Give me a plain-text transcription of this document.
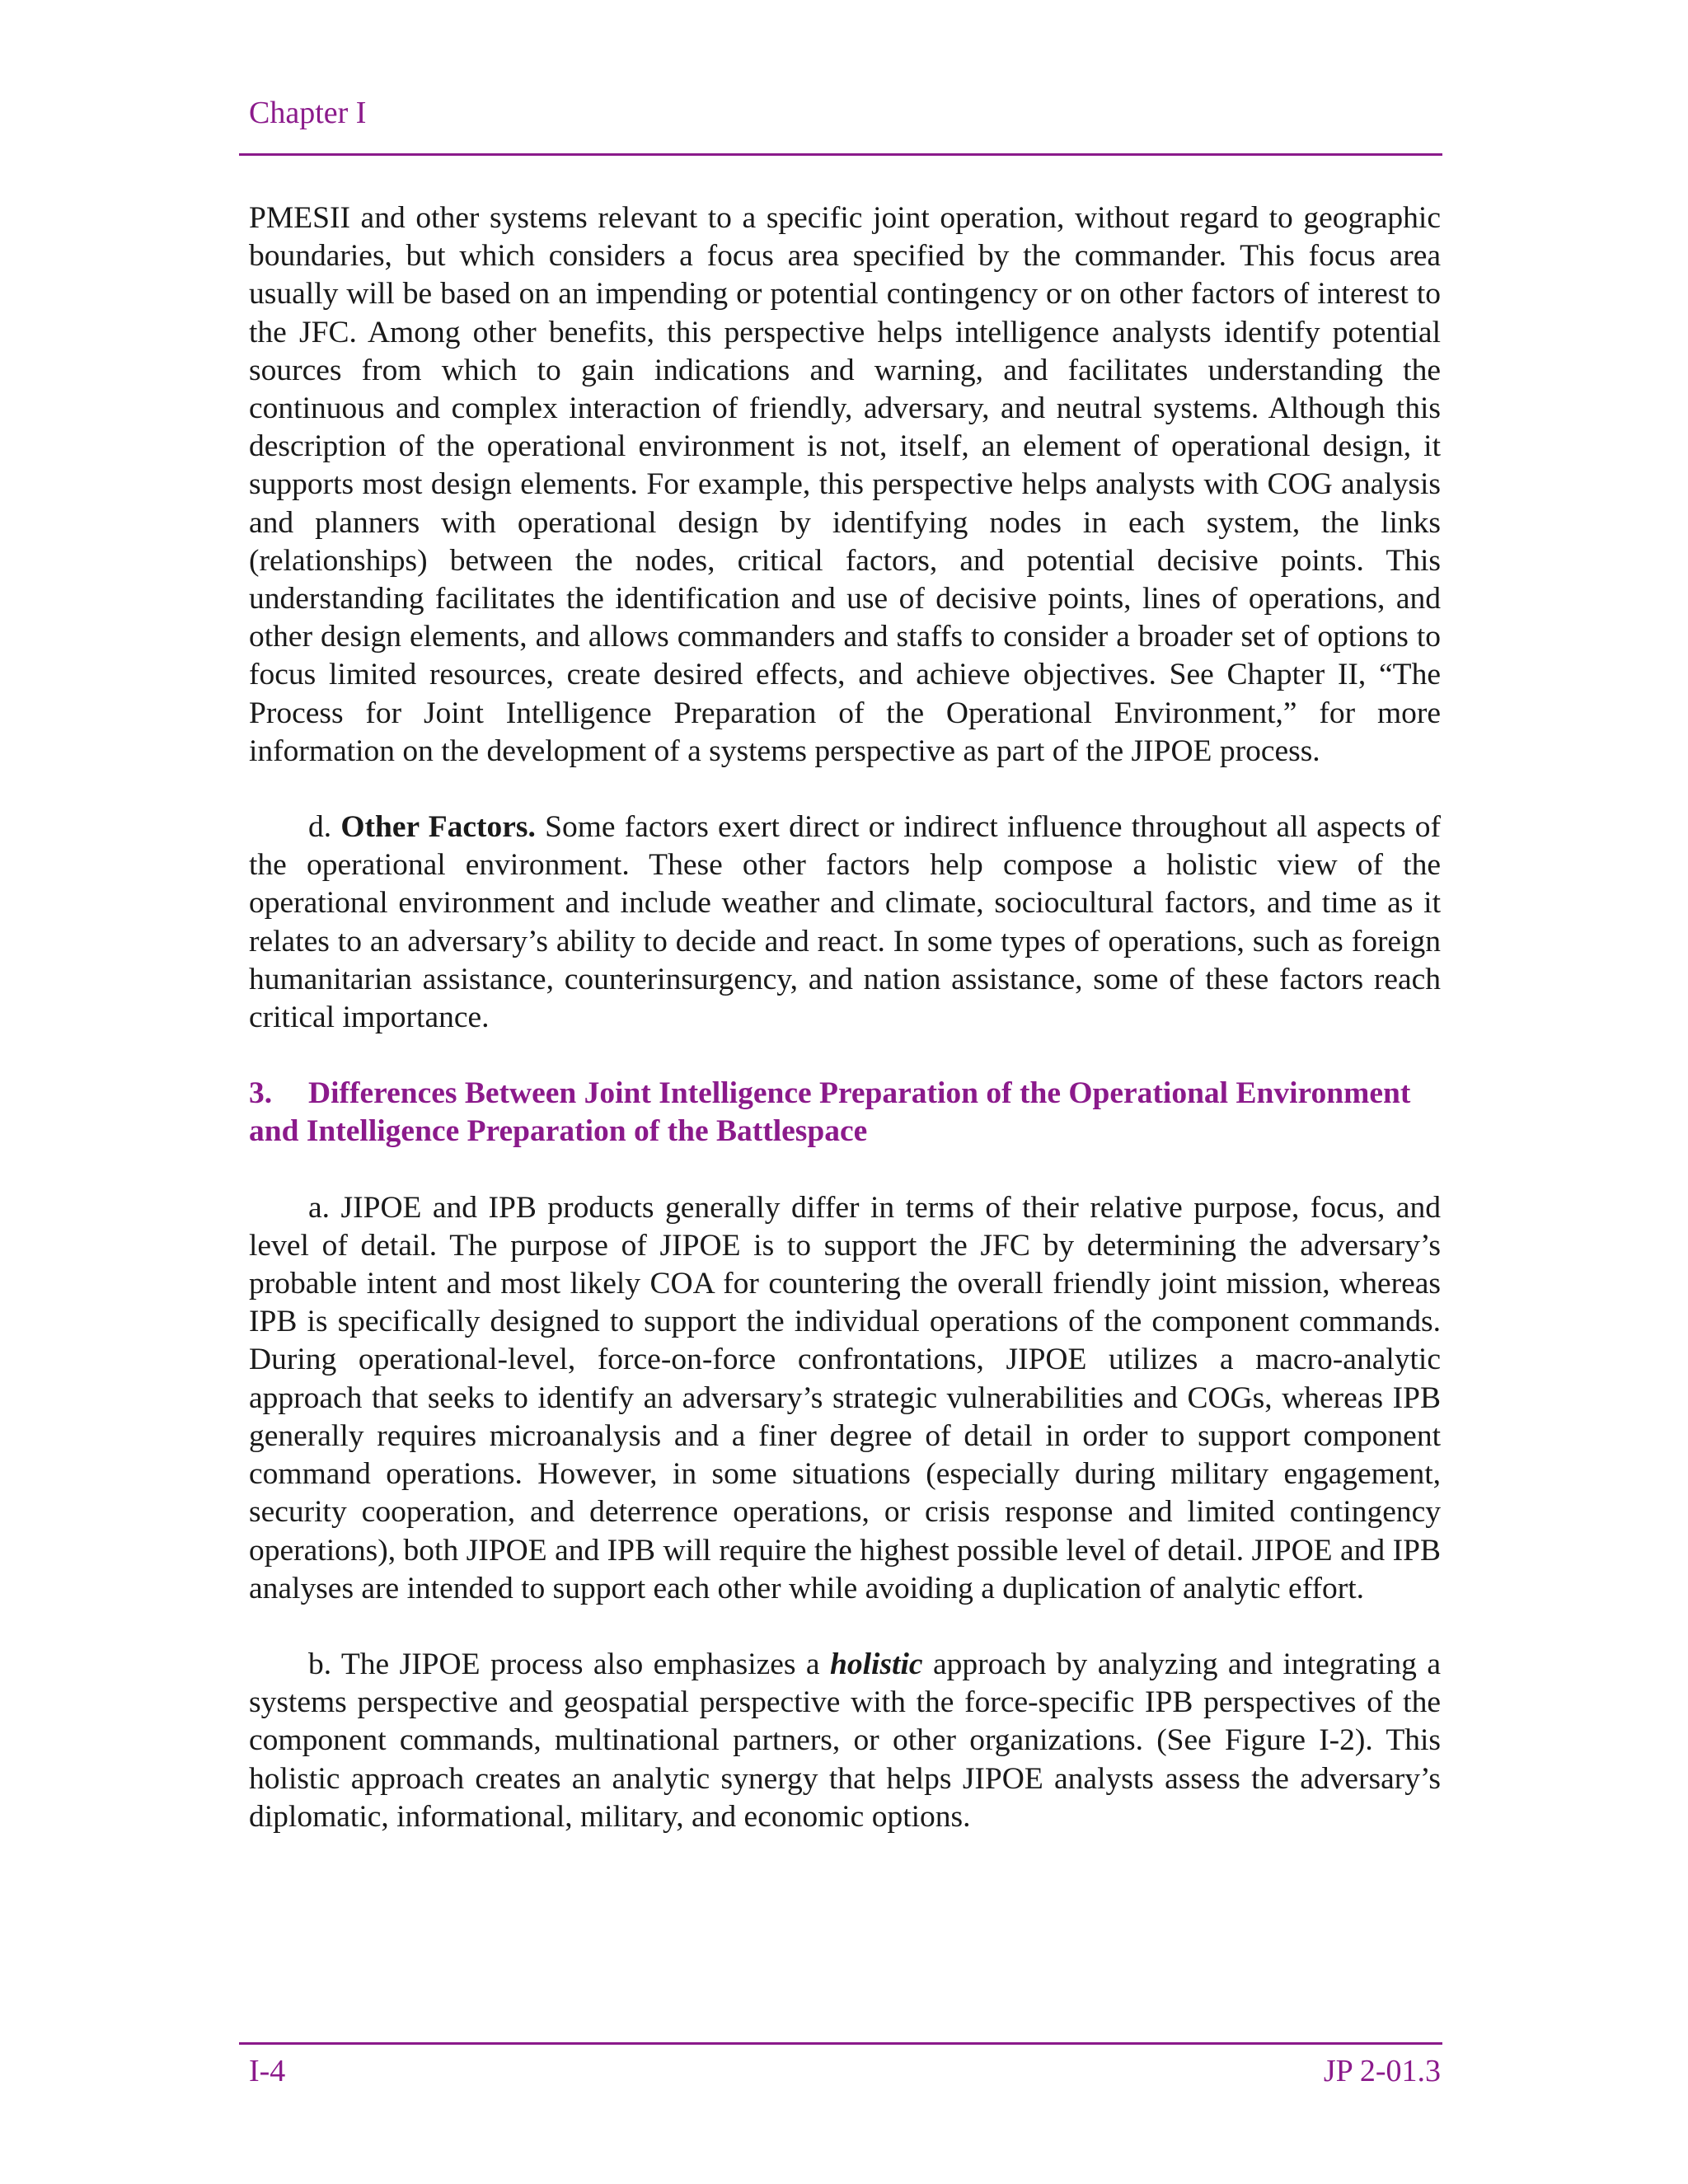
Chapter I

PMESII and other systems relevant to a specific joint operation, without regard to geographic boundaries, but which considers a focus area specified by the commander. This focus area usually will be based on an impending or potential contingency or on other factors of interest to the JFC. Among other benefits, this perspective helps intelligence analysts identify potential sources from which to gain indications and warning, and facilitates understanding the continuous and complex interaction of friendly, adversary, and neutral systems. Although this description of the operational environment is not, itself, an element of operational design, it supports most design elements. For example, this perspective helps analysts with COG analysis and planners with operational design by identifying nodes in each system, the links (relationships) between the nodes, critical factors, and potential decisive points. This understanding facilitates the identification and use of decisive points, lines of operations, and other design elements, and allows commanders and staffs to consider a broader set of options to focus limited resources, create desired effects, and achieve objectives. See Chapter II, “The Process for Joint Intelligence Preparation of the Operational Environment,” for more information on the development of a systems perspective as part of the JIPOE process.

d. Other Factors. Some factors exert direct or indirect influence throughout all aspects of the operational environment. These other factors help compose a holistic view of the operational environment and include weather and climate, sociocultural factors, and time as it relates to an adversary’s ability to decide and react. In some types of operations, such as foreign humanitarian assistance, counterinsurgency, and nation assistance, some of these factors reach critical importance.

3. Differences Between Joint Intelligence Preparation of the Operational Environment and Intelligence Preparation of the Battlespace

a. JIPOE and IPB products generally differ in terms of their relative purpose, focus, and level of detail. The purpose of JIPOE is to support the JFC by determining the adversary’s probable intent and most likely COA for countering the overall friendly joint mission, whereas IPB is specifically designed to support the individual operations of the component commands. During operational-level, force-on-force confrontations, JIPOE utilizes a macro-analytic approach that seeks to identify an adversary’s strategic vulnerabilities and COGs, whereas IPB generally requires microanalysis and a finer degree of detail in order to support component command operations. However, in some situations (especially during military engagement, security cooperation, and deterrence operations, or crisis response and limited contingency operations), both JIPOE and IPB will require the highest possible level of detail. JIPOE and IPB analyses are intended to support each other while avoiding a duplication of analytic effort.

b. The JIPOE process also emphasizes a holistic approach by analyzing and integrating a systems perspective and geospatial perspective with the force-specific IPB perspectives of the component commands, multinational partners, or other organizations. (See Figure I-2). This holistic approach creates an analytic synergy that helps JIPOE analysts assess the adversary’s diplomatic, informational, military, and economic options.

I-4	JP 2-01.3
